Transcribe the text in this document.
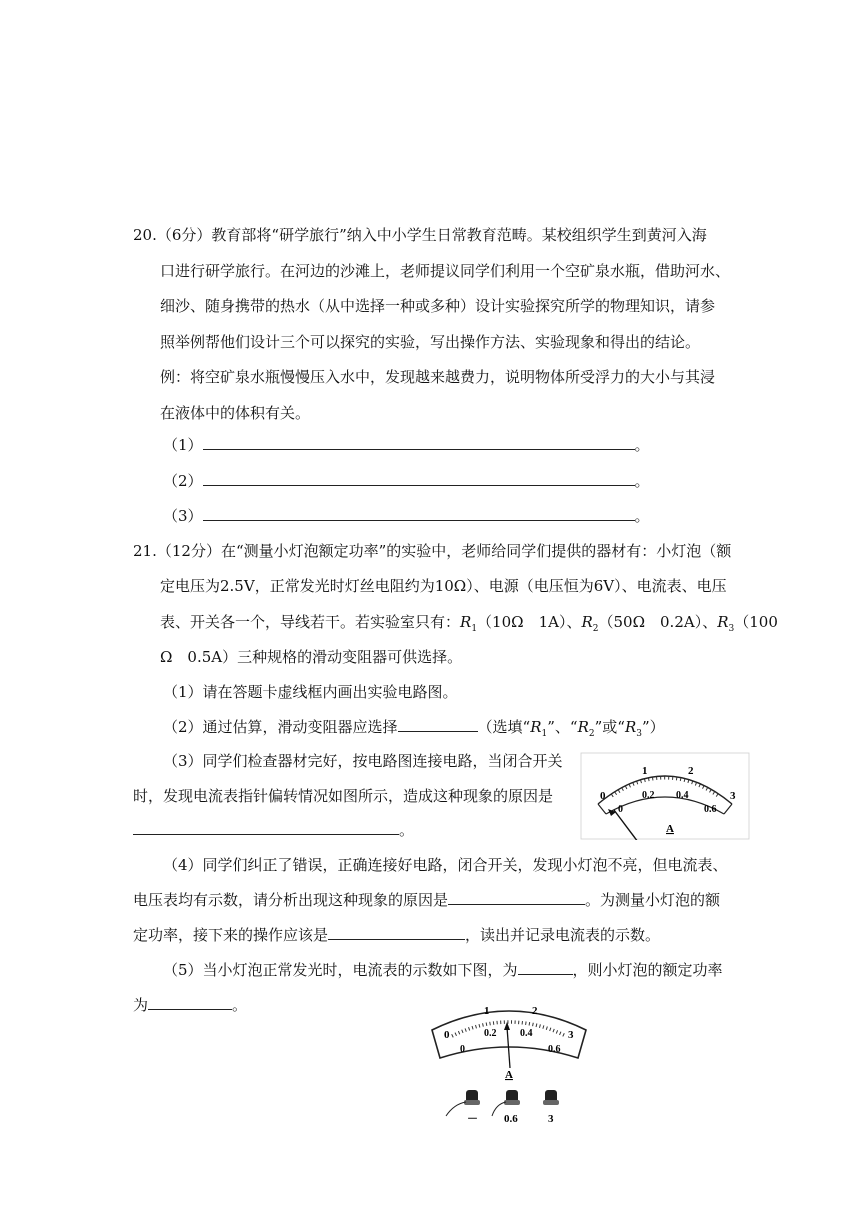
20.（6分）教育部将“研学旅行”纳入中小学生日常教育范畴。某校组织学生到黄河入海
口进行研学旅行。在河边的沙滩上，老师提议同学们利用一个空矿泉水瓶，借助河水、
细沙、随身携带的热水（从中选择一种或多种）设计实验探究所学的物理知识，请参
照举例帮他们设计三个可以探究的实验，写出操作方法、实验现象和得出的结论。
例：将空矿泉水瓶慢慢压入水中，发现越来越费力，说明物体所受浮力的大小与其浸
在液体中的体积有关。
（1）	。
（2）	。
（3）	。
21.（12分）在“测量小灯泡额定功率”的实验中，老师给同学们提供的器材有：小灯泡（额
定电压为2.5V，正常发光时灯丝电阻约为10Ω）、电源（电压恒为6V）、电流表、电压
表、开关各一个，导线若干。若实验室只有：$R_1(10\Omega$　1A）、$R_2(50\Omega$　0.2A）、$R_3(100$
Ω　0.5A）三种规格的滑动变阻器可供选择。
（1）请在答题卡虚线框内画出实验电路图。
（2）通过估算，滑动变阻器应选择	（选填“$R_1$”、“$R_2$”或“$R_3$”）
（3）同学们检查器材完好，按电路图连接电路，当闭合开关
时，发现电流表指针偏转情况如图所示，造成这种现象的原因是
。
0
1	2
3
0
0.2 0.4
0.6
A
（4）同学们纠正了错误，正确连接好电路，闭合开关，发现小灯泡不亮，但电流表、
电压表均有示数，请分析出现这种现象的原因是	。为测量小灯泡的额
定功率，接下来的操作应该是	，读出并记录电流表的示数。
（5）当小灯泡正常发光时，电流表的示数如下图，为	，则小灯泡的额定功率
为	。
0
1	2
3
0
0.2 0.4
0.6
A
－ 0.6	3
